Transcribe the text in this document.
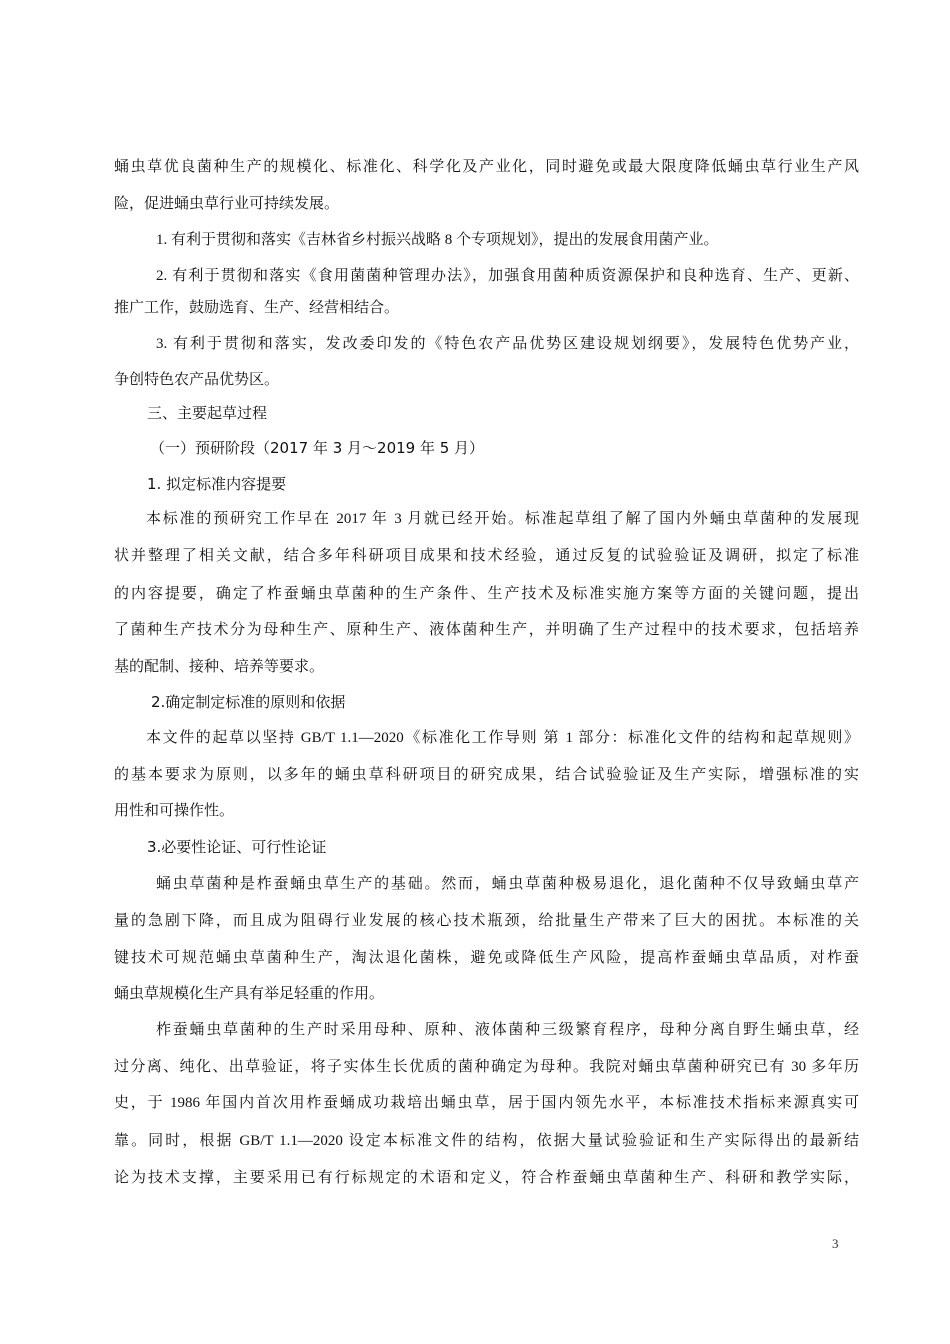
蛹虫草优良菌种生产的规模化、标准化、科学化及产业化，同时避免或最大限度降低蛹虫草行业生产风
险，促进蛹虫草行业可持续发展。
1. 有利于贯彻和落实《吉林省乡村振兴战略 8 个专项规划》，提出的发展食用菌产业。
2. 有利于贯彻和落实《食用菌菌种管理办法》，加强食用菌种质资源保护和良种选育、生产、更新、
推广工作，鼓励选育、生产、经营相结合。
3. 有利于贯彻和落实，发改委印发的《特色农产品优势区建设规划纲要》，发展特色优势产业，
争创特色农产品优势区。
三、主要起草过程
（一）预研阶段（2017 年 3 月～2019 年 5 月）
1. 拟定标准内容提要
本标准的预研究工作早在 2017 年 3 月就已经开始。标准起草组了解了国内外蛹虫草菌种的发展现
状并整理了相关文献，结合多年科研项目成果和技术经验，通过反复的试验验证及调研，拟定了标准
的内容提要，确定了柞蚕蛹虫草菌种的生产条件、生产技术及标准实施方案等方面的关键问题，提出
了菌种生产技术分为母种生产、原种生产、液体菌种生产，并明确了生产过程中的技术要求，包括培养
基的配制、接种、培养等要求。
2.确定制定标准的原则和依据
本文件的起草以坚持 GB/T 1.1—2020《标准化工作导则 第 1 部分：标准化文件的结构和起草规则》
的基本要求为原则，以多年的蛹虫草科研项目的研究成果，结合试验验证及生产实际，增强标准的实
用性和可操作性。
3.必要性论证、可行性论证
蛹虫草菌种是柞蚕蛹虫草生产的基础。然而，蛹虫草菌种极易退化，退化菌种不仅导致蛹虫草产
量的急剧下降，而且成为阻碍行业发展的核心技术瓶颈，给批量生产带来了巨大的困扰。本标准的关
键技术可规范蛹虫草菌种生产，淘汰退化菌株，避免或降低生产风险，提高柞蚕蛹虫草品质，对柞蚕
蛹虫草规模化生产具有举足轻重的作用。
柞蚕蛹虫草菌种的生产时采用母种、原种、液体菌种三级繁育程序，母种分离自野生蛹虫草，经
过分离、纯化、出草验证，将子实体生长优质的菌种确定为母种。我院对蛹虫草菌种研究已有 30 多年历
史，于 1986 年国内首次用柞蚕蛹成功栽培出蛹虫草，居于国内领先水平，本标准技术指标来源真实可
靠。同时，根据 GB/T 1.1—2020 设定本标准文件的结构，依据大量试验验证和生产实际得出的最新结
论为技术支撑，主要采用已有行标规定的术语和定义，符合柞蚕蛹虫草菌种生产、科研和教学实际，
3
